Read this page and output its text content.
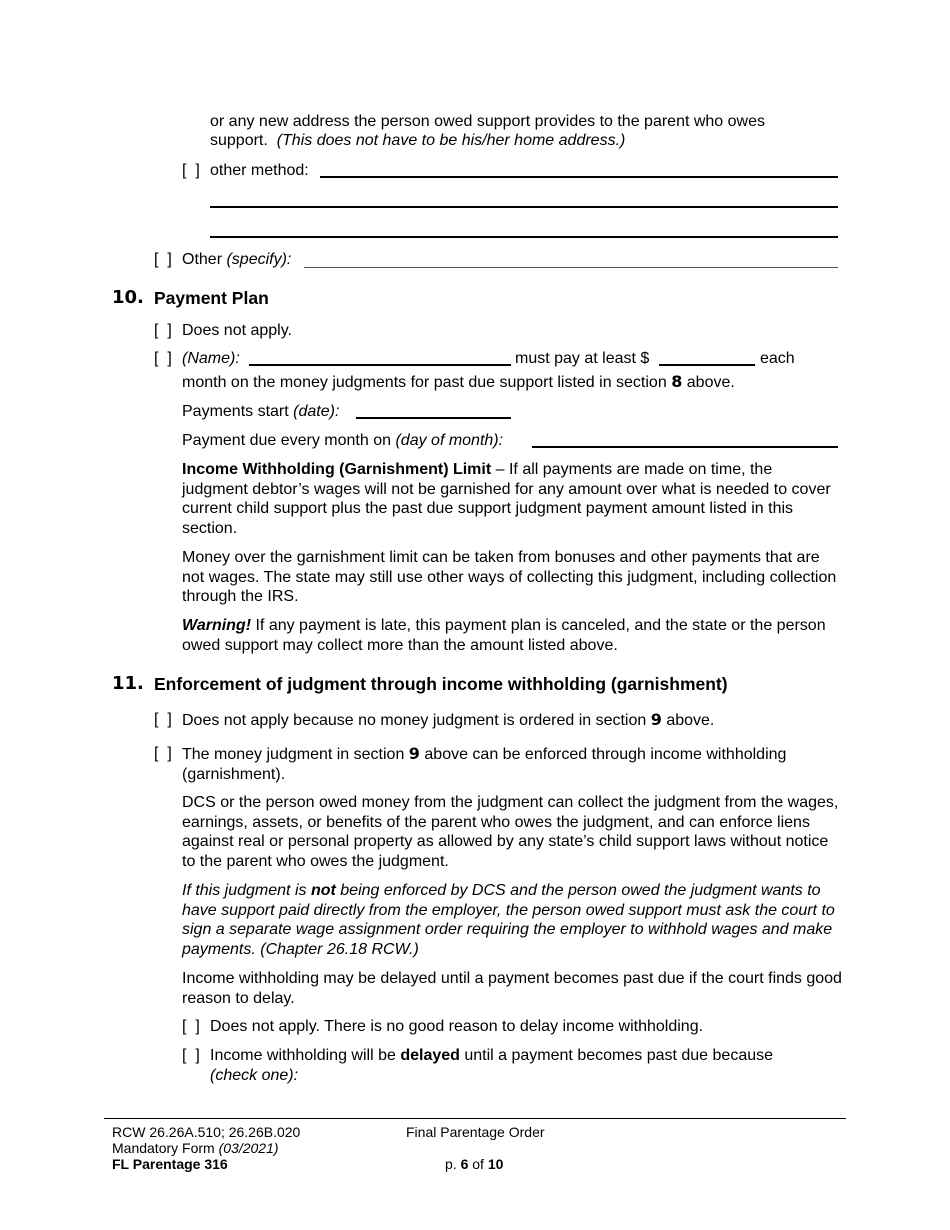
or any new address the person owed support provides to the parent who owes
support. (This does not have to be his/her home address.)
[  ] other method:
[  ] Other (specify):
10. Payment Plan
[  ] Does not apply.
[  ] (Name):	must pay at least $	each
month on the money judgments for past due support listed in section 8 above.
Payments start (date):
Payment due every month on (day of month):
Income Withholding (Garnishment) Limit – If all payments are made on time, the judgment debtor’s wages will not be garnished for any amount over what is needed to cover current child support plus the past due support judgment payment amount listed in this section.
Money over the garnishment limit can be taken from bonuses and other payments that are not wages. The state may still use other ways of collecting this judgment, including collection through the IRS.
Warning! If any payment is late, this payment plan is canceled, and the state or the person owed support may collect more than the amount listed above.
11. Enforcement of judgment through income withholding (garnishment)
[  ] Does not apply because no money judgment is ordered in section 9 above.
[  ] The money judgment in section 9 above can be enforced through income withholding (garnishment).
DCS or the person owed money from the judgment can collect the judgment from the wages, earnings, assets, or benefits of the parent who owes the judgment, and can enforce liens against real or personal property as allowed by any state’s child support laws without notice to the parent who owes the judgment.
If this judgment is not being enforced by DCS and the person owed the judgment wants to have support paid directly from the employer, the person owed support must ask the court to sign a separate wage assignment order requiring the employer to withhold wages and make payments. (Chapter 26.18 RCW.)
Income withholding may be delayed until a payment becomes past due if the court finds good reason to delay.
[  ] Does not apply. There is no good reason to delay income withholding.
[  ] Income withholding will be delayed until a payment becomes past due because
(check one):
RCW 26.26A.510; 26.26B.020
Mandatory Form (03/2021)
FL Parentage 316
Final Parentage Order
p. 6 of 10
